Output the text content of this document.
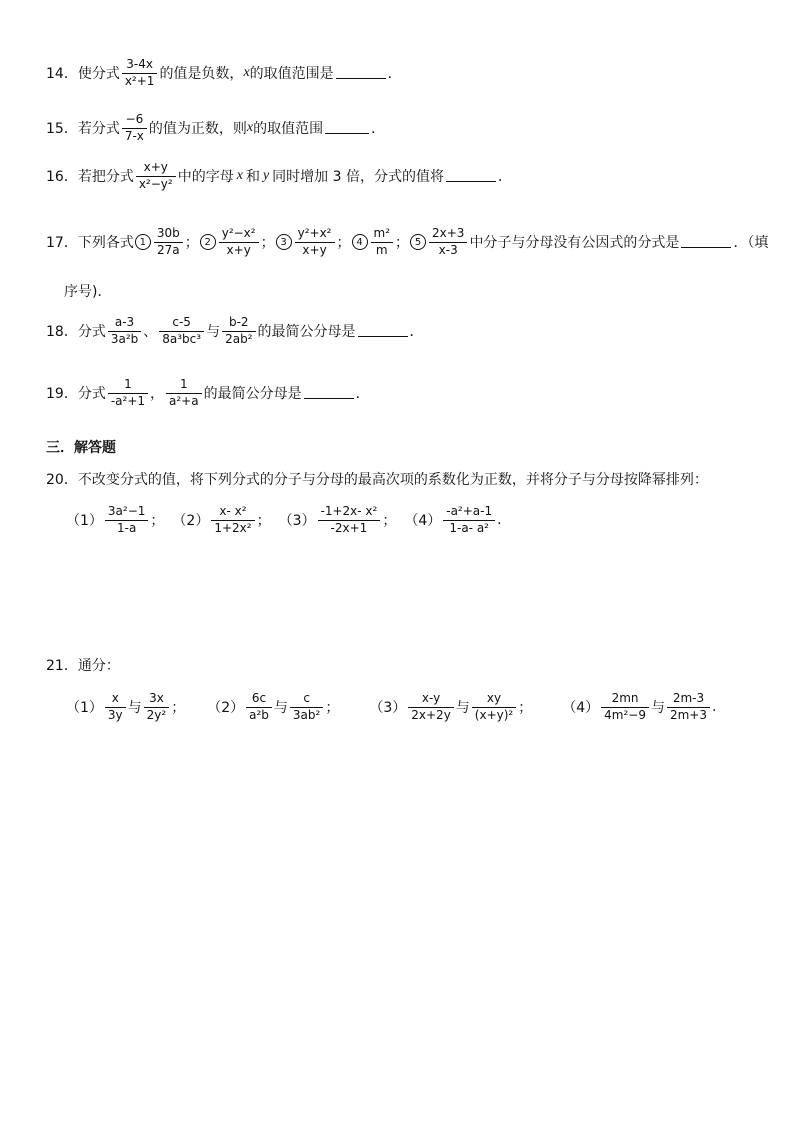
14． 使分式 $\frac{3-4x}{\text{x²+1}}$ 的值是负数， x 的取值范围是	．
15． 若分式 $\frac{-6}{7-x}$ 的值为正数，则 x 的取值范围	．
16． 若把分式 $\frac{x+y}{\text{x²−y²}}$ 中的字母 x 和 y 同时增加 3 倍，分式的值将	．
17． 下列各式 $1 \frac{30b}{27a}$ ； $2 \frac{\text{y²−x²}}{x+y}$ ； $3 \frac{\text{y²+x²}}{x+y}$ ； $4 \frac{\text{m²}}{m}$ ； $5 \frac{2x+3}{x-3}$ 中分子与分母没有公因式的分式是	．（填
序号)．
18． 分式 $\frac{a-3}{\text{3a²b}}$ 、 $\frac{c-5}{\text{8a³bc³}}$ 与 $\frac{b-2}{\text{2ab²}}$ 的最简公分母是	．
19． 分式 $\frac{1}{\text{-a²+1}}$ ， $\frac{1}{\text{a²+a}}$ 的最简公分母是	．
三．解答题
20． 不改变分式的值，将下列分式的分子与分母的最高次项的系数化为正数，并将分子与分母按降幂排列：
$(1) \frac{\text{3a²−1}}{1-a}$ ； $(2) \frac{\text{x- x²}}{\text{1+2x²}}$ ； $(3) \frac{\text{-1+2x- x²}}{-2x+1}$ ； $(4) \frac{\text{-a²+a-1}}{\text{1-a- a²}}$ .
21． 通分：
$(1) \frac{x}{3y}$ 与 $\frac{3x}{\text{2y²}}$ ； $(2) \frac{6c}{\text{a²b}}$ 与 $\frac{c}{\text{3ab²}}$ ； $(3) \frac{x-y}{2x+2y}$ 与 $\frac{xy}{\text{(x+y)²}}$ ； $(4) \frac{2mn}{\text{4m²−9}}$ 与 $\frac{2m-3}{2m+3}$ .
